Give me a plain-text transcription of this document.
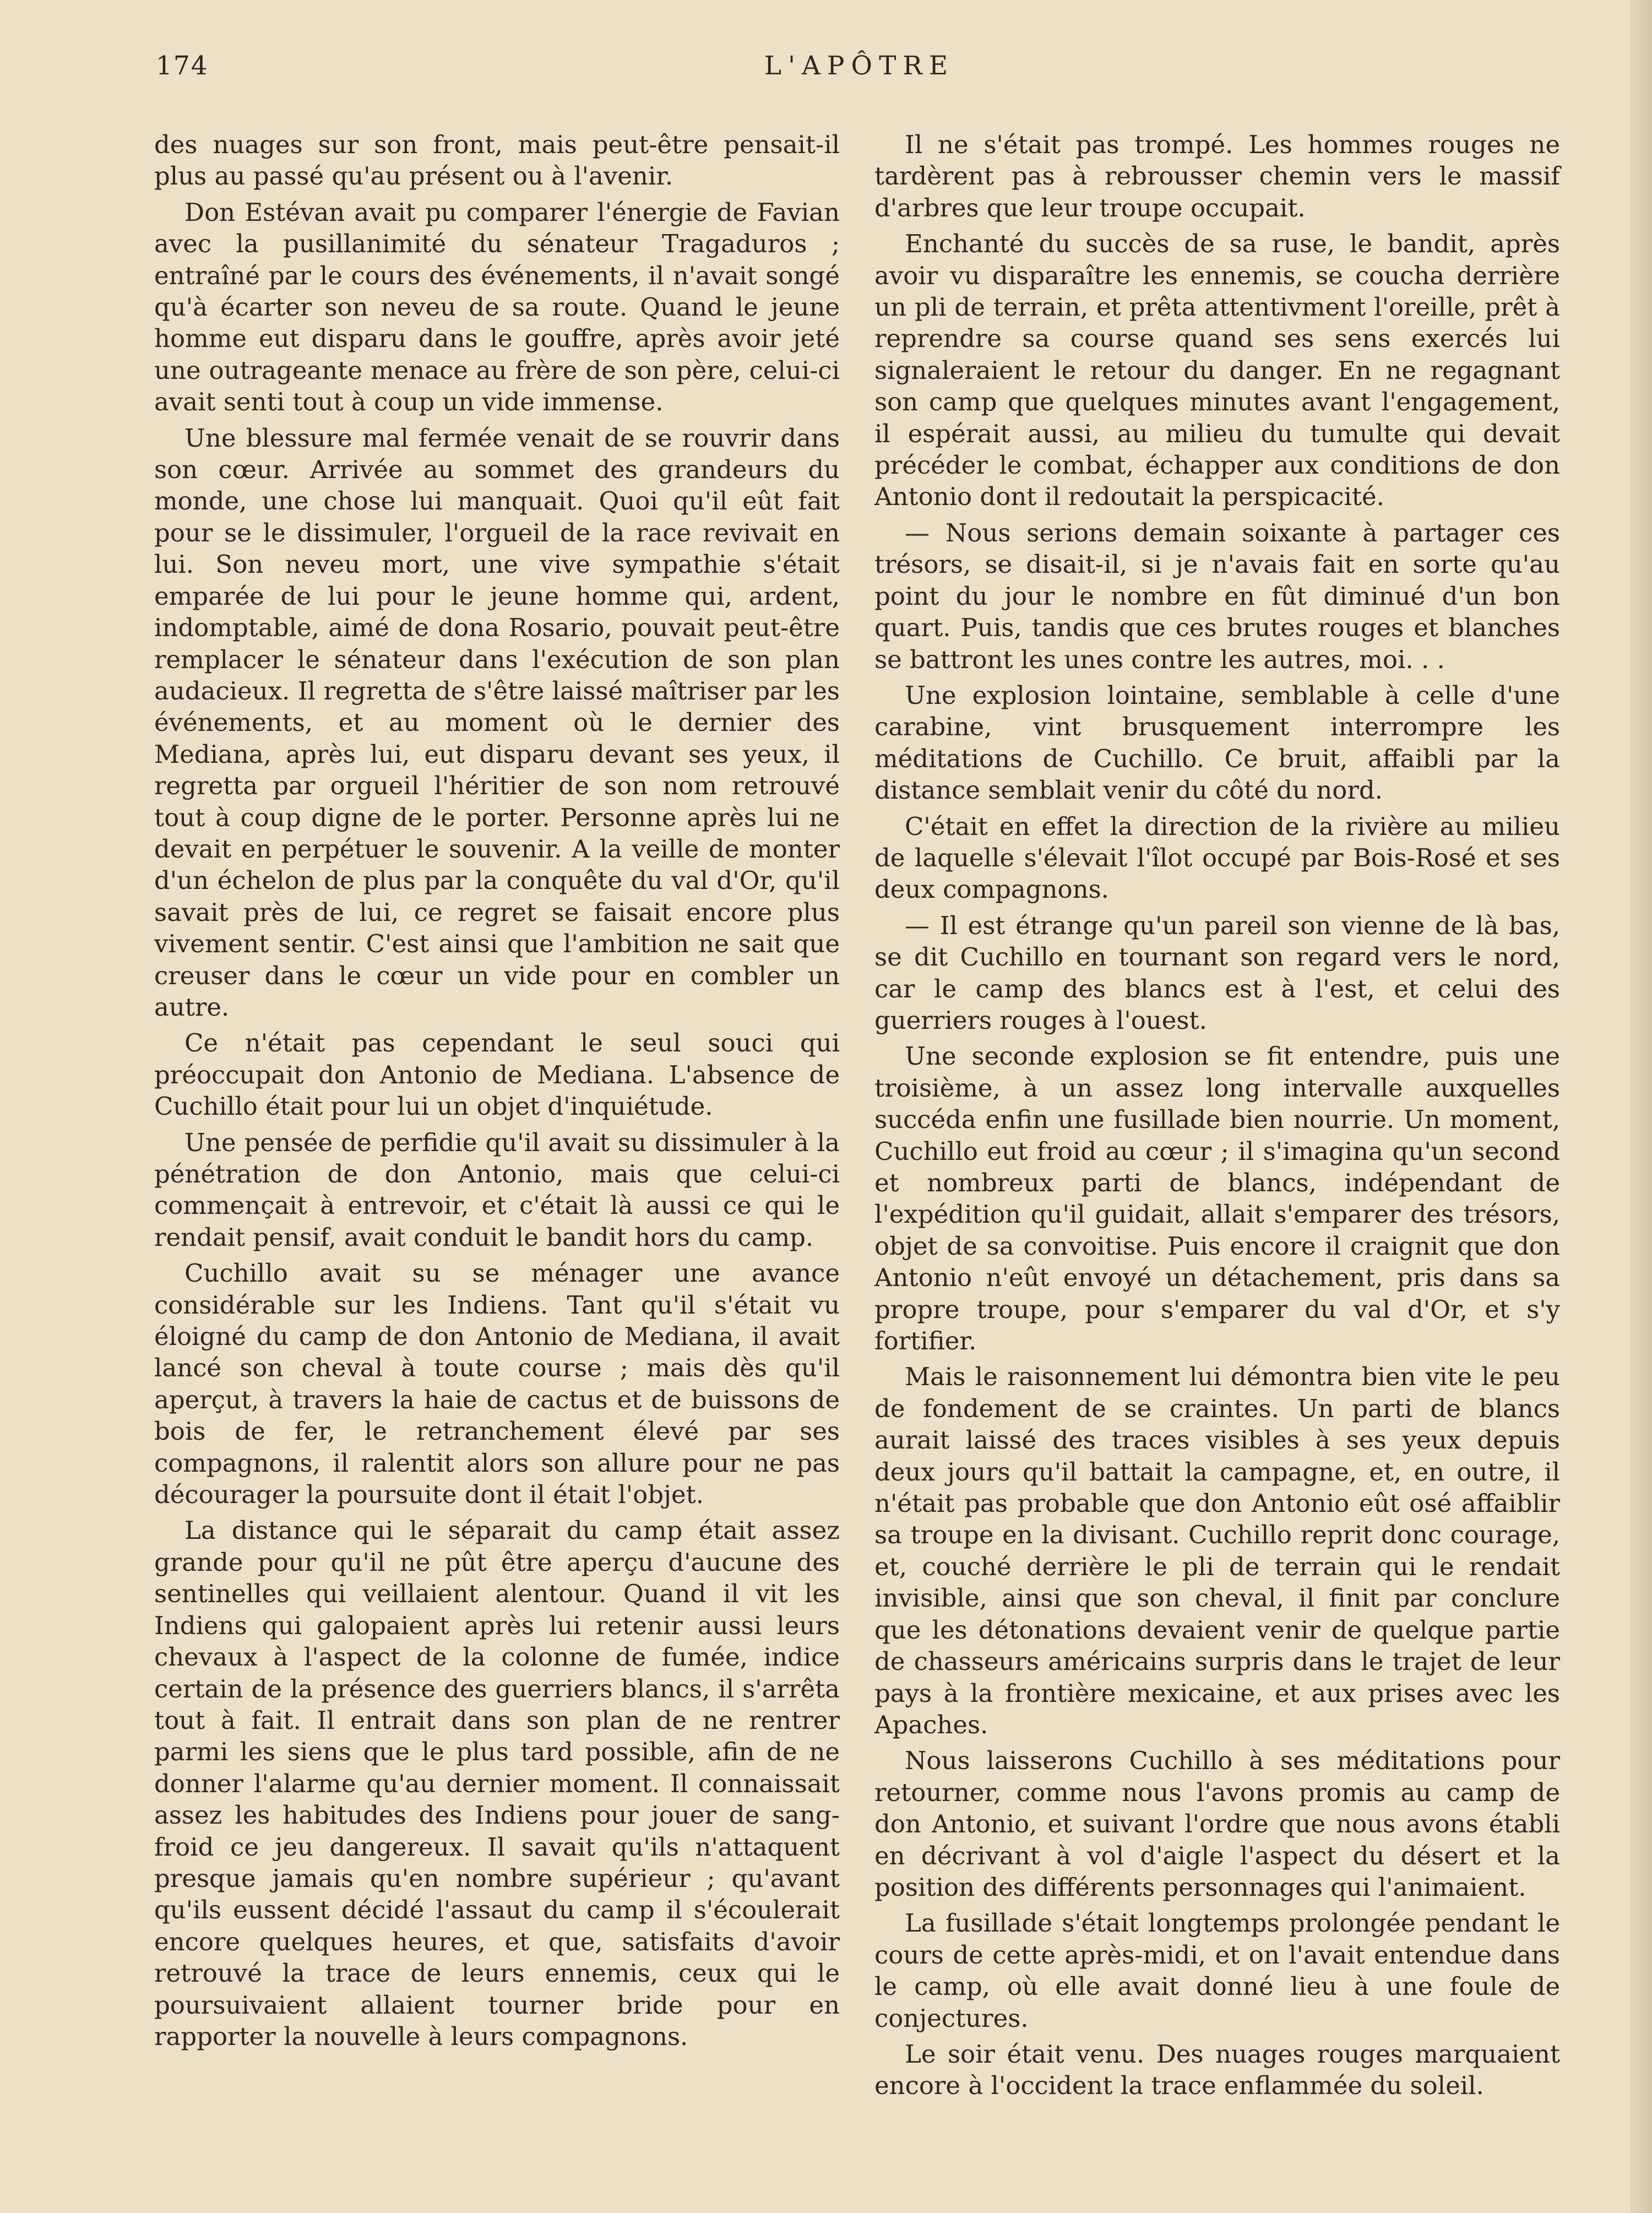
174	L'APÔTRE

des nuages sur son front, mais peut-être pensait-il plus au passé qu'au présent ou à l'avenir.

Don Estévan avait pu comparer l'énergie de Favian avec la pusillanimité du sénateur Tragaduros ; entraîné par le cours des événements, il n'avait songé qu'à écarter son neveu de sa route. Quand le jeune homme eut disparu dans le gouffre, après avoir jeté une outrageante menace au frère de son père, celui-ci avait senti tout à coup un vide immense.

Une blessure mal fermée venait de se rouvrir dans son cœur. Arrivée au sommet des grandeurs du monde, une chose lui manquait. Quoi qu'il eût fait pour se le dissimuler, l'orgueil de la race revivait en lui. Son neveu mort, une vive sympathie s'était emparée de lui pour le jeune homme qui, ardent, indomptable, aimé de dona Rosario, pouvait peut-être remplacer le sénateur dans l'exécution de son plan audacieux. Il regretta de s'être laissé maîtriser par les événements, et au moment où le dernier des Mediana, après lui, eut disparu devant ses yeux, il regretta par orgueil l'héritier de son nom retrouvé tout à coup digne de le porter. Personne après lui ne devait en perpétuer le souvenir. A la veille de monter d'un échelon de plus par la conquête du val d'Or, qu'il savait près de lui, ce regret se faisait encore plus vivement sentir. C'est ainsi que l'ambition ne sait que creuser dans le cœur un vide pour en combler un autre.

Ce n'était pas cependant le seul souci qui préoccupait don Antonio de Mediana. L'absence de Cuchillo était pour lui un objet d'inquiétude.

Une pensée de perfidie qu'il avait su dissimuler à la pénétration de don Antonio, mais que celui-ci commençait à entrevoir, et c'était là aussi ce qui le rendait pensif, avait conduit le bandit hors du camp.

Cuchillo avait su se ménager une avance considérable sur les Indiens. Tant qu'il s'était vu éloigné du camp de don Antonio de Mediana, il avait lancé son cheval à toute course ; mais dès qu'il aperçut, à travers la haie de cactus et de buissons de bois de fer, le retranchement élevé par ses compagnons, il ralentit alors son allure pour ne pas décourager la poursuite dont il était l'objet.

La distance qui le séparait du camp était assez grande pour qu'il ne pût être aperçu d'aucune des sentinelles qui veillaient alentour. Quand il vit les Indiens qui galopaient après lui retenir aussi leurs chevaux à l'aspect de la colonne de fumée, indice certain de la présence des guerriers blancs, il s'arrêta tout à fait. Il entrait dans son plan de ne rentrer parmi les siens que le plus tard possible, afin de ne donner l'alarme qu'au dernier moment. Il connaissait assez les habitudes des Indiens pour jouer de sang-froid ce jeu dangereux. Il savait qu'ils n'attaquent presque jamais qu'en nombre supérieur ; qu'avant qu'ils eussent décidé l'assaut du camp il s'écoulerait encore quelques heures, et que, satisfaits d'avoir retrouvé la trace de leurs ennemis, ceux qui le poursuivaient allaient tourner bride pour en rapporter la nouvelle à leurs compagnons.

Il ne s'était pas trompé. Les hommes rouges ne tardèrent pas à rebrousser chemin vers le massif d'arbres que leur troupe occupait.

Enchanté du succès de sa ruse, le bandit, après avoir vu disparaître les ennemis, se coucha derrière un pli de terrain, et prêta attentivment l'oreille, prêt à reprendre sa course quand ses sens exercés lui signaleraient le retour du danger. En ne regagnant son camp que quelques minutes avant l'engagement, il espérait aussi, au milieu du tumulte qui devait précéder le combat, échapper aux conditions de don Antonio dont il redoutait la perspicacité.

— Nous serions demain soixante à partager ces trésors, se disait-il, si je n'avais fait en sorte qu'au point du jour le nombre en fût diminué d'un bon quart. Puis, tandis que ces brutes rouges et blanches se battront les unes contre les autres, moi. . .

Une explosion lointaine, semblable à celle d'une carabine, vint brusquement interrompre les méditations de Cuchillo. Ce bruit, affaibli par la distance semblait venir du côté du nord.

C'était en effet la direction de la rivière au milieu de laquelle s'élevait l'îlot occupé par Bois-Rosé et ses deux compagnons.

— Il est étrange qu'un pareil son vienne de là bas, se dit Cuchillo en tournant son regard vers le nord, car le camp des blancs est à l'est, et celui des guerriers rouges à l'ouest.

Une seconde explosion se fit entendre, puis une troisième, à un assez long intervalle auxquelles succéda enfin une fusillade bien nourrie. Un moment, Cuchillo eut froid au cœur ; il s'imagina qu'un second et nombreux parti de blancs, indépendant de l'expédition qu'il guidait, allait s'emparer des trésors, objet de sa convoitise. Puis encore il craignit que don Antonio n'eût envoyé un détachement, pris dans sa propre troupe, pour s'emparer du val d'Or, et s'y fortifier.

Mais le raisonnement lui démontra bien vite le peu de fondement de se craintes. Un parti de blancs aurait laissé des traces visibles à ses yeux depuis deux jours qu'il battait la campagne, et, en outre, il n'était pas probable que don Antonio eût osé affaiblir sa troupe en la divisant. Cuchillo reprit donc courage, et, couché derrière le pli de terrain qui le rendait invisible, ainsi que son cheval, il finit par conclure que les détonations devaient venir de quelque partie de chasseurs américains surpris dans le trajet de leur pays à la frontière mexicaine, et aux prises avec les Apaches.

Nous laisserons Cuchillo à ses méditations pour retourner, comme nous l'avons promis au camp de don Antonio, et suivant l'ordre que nous avons établi en décrivant à vol d'aigle l'aspect du désert et la position des différents personnages qui l'animaient.

La fusillade s'était longtemps prolongée pendant le cours de cette après-midi, et on l'avait entendue dans le camp, où elle avait donné lieu à une foule de conjectures.

Le soir était venu. Des nuages rouges marquaient encore à l'occident la trace enflammée du soleil.
